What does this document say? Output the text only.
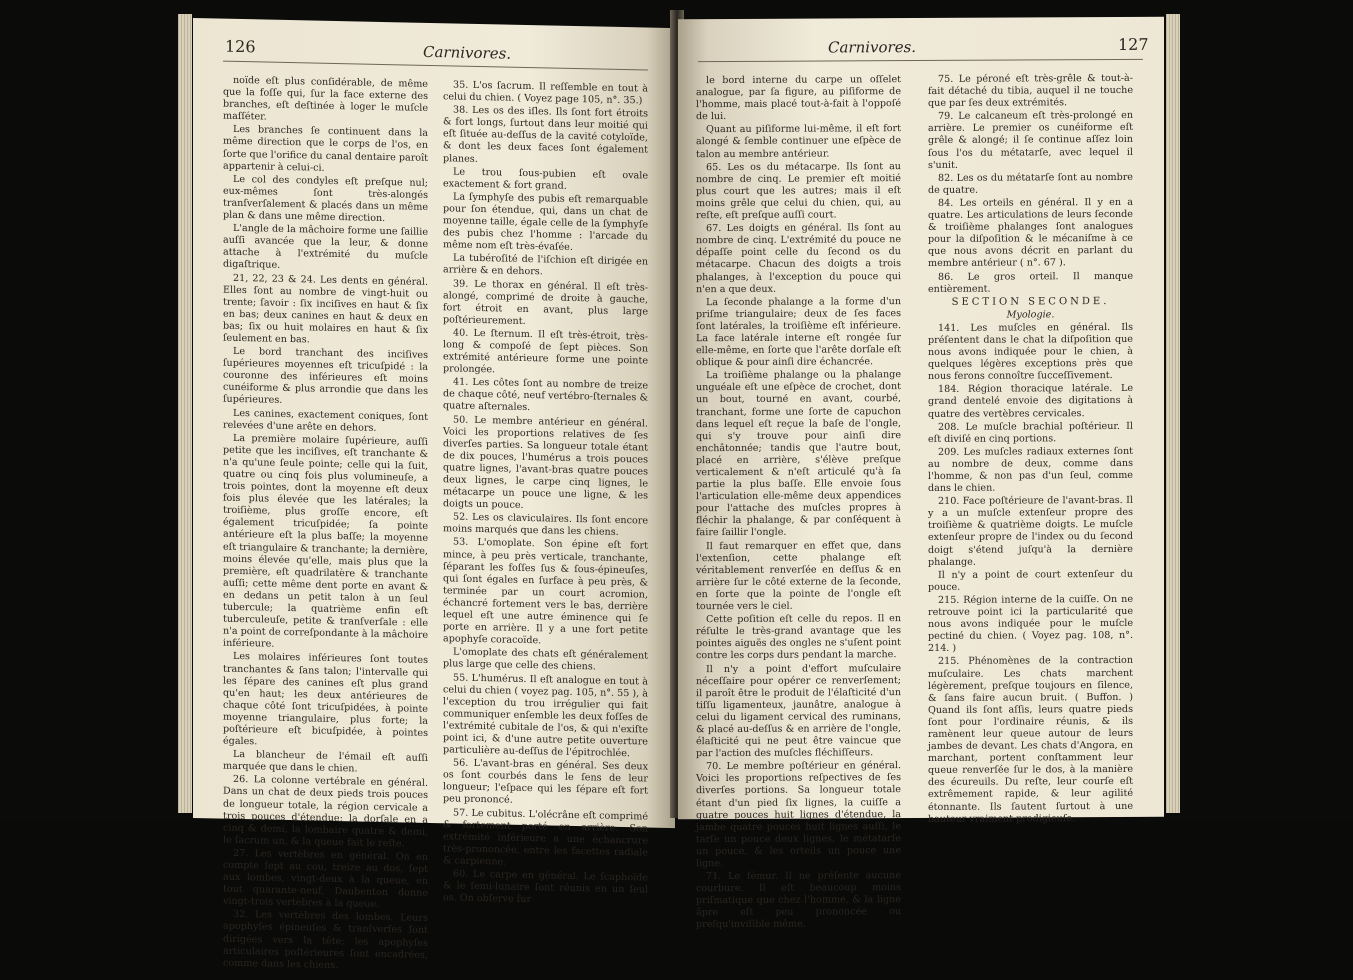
126	Carnivores.

noïde eſt plus conſidérable, de même que la foſſe qui, ſur la face externe des branches, eſt deſtinée à loger le muſcle maſſéter.

Les branches ſe continuent dans la même direction que le corps de l'os, en ſorte que l'orifice du canal dentaire paroît appartenir à celui-ci.

Le col des condyles eſt preſque nul; eux-mêmes ſont très-alongés tranſverſalement & placés dans un même plan & dans une même direction.

L'angle de la mâchoire forme une ſaillie auſſi avancée que la leur, & donne attache à l'extrémité du muſcle digaſtrique.

21, 22, 23 & 24. Les dents en général. Elles ſont au nombre de vingt-huit ou trente; ſavoir : ſix inciſives en haut & ſix en bas; deux canines en haut & deux en bas; ſix ou huit molaires en haut & ſix ſeulement en bas.

Le bord tranchant des inciſives ſupérieures moyennes eſt tricuſpidé : la couronne des inférieures eſt moins cunéiforme & plus arrondie que dans les ſupérieures.

Les canines, exactement coniques, ſont relevées d'une arête en dehors.

La première molaire ſupérieure, auſſi petite que les inciſives, eſt tranchante & n'a qu'une ſeule pointe; celle qui la ſuit, quatre ou cinq fois plus volumineuſe, a trois pointes, dont la moyenne eſt deux fois plus élevée que les latérales; la troiſième, plus groſſe encore, eſt également tricuſpidée; ſa pointe antérieure eſt la plus baſſe; la moyenne eſt triangulaire & tranchante; la dernière, moins élevée qu'elle, mais plus que la première, eſt quadrilatère & tranchante auſſi; cette même dent porte en avant & en dedans un petit talon à un ſeul tubercule; la quatrième enfin eſt tuberculeuſe, petite & tranſverſale : elle n'a point de correſpondante à la mâchoire inférieure.

Les molaires inférieures ſont toutes tranchantes & ſans talon; l'intervalle qui les ſépare des canines eſt plus grand qu'en haut; les deux antérieures de chaque côté ſont tricuſpidées, à pointe moyenne triangulaire, plus forte; la poſtérieure eſt bicuſpidée, à pointes égales.

La blancheur de l'émail eſt auſſi marquée que dans le chien.

26. La colonne vertébrale en général. Dans un chat de deux pieds trois pouces de longueur totale, la région cervicale a trois pouces d'étendue; la dorſale en a cinq & demi, la lombaire quatre & demi, le ſacrum un, & la queue fait le reſte.

27. Les vertèbres en général. On en compte ſept au cou, treize au dos, ſept aux lombes, vingt-deux à la queue, en tout quarante-neuf. Daubenton donne vingt-trois vertèbres à la queue.

32. Les vertèbres des lombes. Leurs apophyſes épineuſes & tranſverſes ſont dirigées vers la tête; les apophyſes articulaires poſtérieures ſont encadrées, comme dans les chiens.

35. L'os ſacrum. Il reſſemble en tout à celui du chien. ( Voyez page 105, n°. 35.)

38. Les os des iſles. Ils ſont fort étroits & fort longs, ſurtout dans leur moitié qui eſt ſituée au-deſſus de la cavité cotyloïde, & dont les deux faces ſont également planes.

Le trou ſous-pubien eſt ovale exactement & fort grand.

La ſymphyſe des pubis eſt remarquable pour ſon étendue, qui, dans un chat de moyenne taille, égale celle de la ſymphyſe des pubis chez l'homme : l'arcade du même nom eſt très-évaſée.

La tubéroſité de l'iſchion eſt dirigée en arrière & en dehors.

39. Le thorax en général. Il eſt très-alongé, comprimé de droite à gauche, fort étroit en avant, plus large poſtérieurement.

40. Le ſternum. Il eſt très-étroit, très-long & compoſé de ſept pièces. Son extrémité antérieure forme une pointe prolongée.

41. Les côtes ſont au nombre de treize de chaque côté, neuf vertébro-ſternales & quatre aſternales.

50. Le membre antérieur en général. Voici les proportions relatives de ſes diverſes parties. Sa longueur totale étant de dix pouces, l'humérus a trois pouces quatre lignes, l'avant-bras quatre pouces deux lignes, le carpe cinq lignes, le métacarpe un pouce une ligne, & les doigts un pouce.

52. Les os claviculaires. Ils ſont encore moins marqués que dans les chiens.

53. L'omoplate. Son épine eſt fort mince, à peu près verticale, tranchante, ſéparant les foſſes ſus & ſous-épineuſes, qui ſont égales en ſurface à peu près, & terminée par un court acromion, échancré fortement vers le bas, derrière lequel eſt une autre éminence qui ſe porte en arrière. Il y a une fort petite apophyſe coracoïde.

L'omoplate des chats eſt généralement plus large que celle des chiens.

55. L'humérus. Il eſt analogue en tout à celui du chien ( voyez pag. 105, n°. 55 ), à l'exception du trou irrégulier qui fait communiquer enſemble les deux foſſes de l'extrémité cubitale de l'os, & qui n'exiſte point ici, & d'une autre petite ouverture particulière au-deſſus de l'épitrochlée.

56. L'avant-bras en général. Ses deux os ſont courbés dans le ſens de leur longueur; l'eſpace qui les ſépare eſt fort peu prononcé.

57. Le cubitus. L'olécrâne eſt comprimé & fortement porté en arrière. Son extrémité inférieure a une échancrure très-prononcée, entre les facettes radiale & carpienne.

60. Le carpe en général. Le ſcaphoïde & le ſemi-lunaire ſont réunis en un ſeul os. On obſerve ſur

Carnivores.	127

le bord interne du carpe un oſſelet analogue, par ſa figure, au piſiforme de l'homme, mais placé tout-à-fait à l'oppoſé de lui.

Quant au piſiforme lui-même, il eſt fort alongé & ſemble continuer une eſpèce de talon au membre antérieur.

65. Les os du métacarpe. Ils ſont au nombre de cinq. Le premier eſt moitié plus court que les autres; mais il eſt moins grêle que celui du chien, qui, au reſte, eſt preſque auſſi court.

67. Les doigts en général. Ils ſont au nombre de cinq. L'extrémité du pouce ne dépaſſe point celle du ſecond os du métacarpe. Chacun des doigts a trois phalanges, à l'exception du pouce qui n'en a que deux.

La ſeconde phalange a la forme d'un priſme triangulaire; deux de ſes faces ſont latérales, la troiſième eſt inférieure. La face latérale interne eſt rongée ſur elle-même, en ſorte que l'arête dorſale eſt oblique & pour ainſi dire échancrée.

La troiſième phalange ou la phalange unguéale eſt une eſpèce de crochet, dont un bout, tourné en avant, courbé, tranchant, forme une ſorte de capuchon dans lequel eſt reçue la baſe de l'ongle, qui s'y trouve pour ainſi dire enchâtonnée; tandis que l'autre bout, placé en arrière, s'élève preſque verticalement & n'eſt articulé qu'à ſa partie la plus baſſe. Elle envoie ſous l'articulation elle-même deux appendices pour l'attache des muſcles propres à fléchir la phalange, & par conſéquent à faire ſaillir l'ongle.

Il faut remarquer en effet que, dans l'extenſion, cette phalange eſt véritablement renverſée en deſſus & en arrière ſur le côté externe de la ſeconde, en ſorte que la pointe de l'ongle eſt tournée vers le ciel.

Cette poſition eſt celle du repos. Il en réſulte le très-grand avantage que les pointes aiguës des ongles ne s'uſent point contre les corps durs pendant la marche.

Il n'y a point d'effort muſculaire néceſſaire pour opérer ce renverſement; il paroît être le produit de l'élaſticité d'un tiſſu ligamenteux, jaunâtre, analogue à celui du ligament cervical des ruminans, & placé au-deſſus & en arrière de l'ongle, élaſticité qui ne peut être vaincue que par l'action des muſcles fléchiſſeurs.

70. Le membre poſtérieur en général. Voici les proportions reſpectives de ſes diverſes portions. Sa longueur totale étant d'un pied ſix lignes, la cuiſſe a quatre pouces huit lignes d'étendue, la jambe quatre pouces huit lignes auſſi, le tarſe un pouce deux lignes, le métatarſe un pouce, & les orteils un pouce une ligne.

71. Le fémur. Il ne préſente aucune courbure. Il eſt beaucoup moins priſmatique que chez l'homme, & la ligne âpre eſt peu prononcée ou preſqu'inviſible même.

75. Le péroné eſt très-grêle & tout-à-fait détaché du tibia, auquel il ne touche que par ſes deux extrémités.

79. Le calcaneum eſt très-prolongé en arrière. Le premier os cunéiforme eſt grêle & alongé; il ſe continue aſſez loin ſous l'os du métatarſe, avec lequel il s'unit.

82. Les os du métatarſe ſont au nombre de quatre.

84. Les orteils en général. Il y en a quatre. Les articulations de leurs ſeconde & troiſième phalanges ſont analogues pour la diſpoſition & le mécaniſme à ce que nous avons décrit en parlant du membre antérieur ( n°. 67 ).

86. Le gros orteil. Il manque entièrement.

SECTION SECONDE.

Myologie.

141. Les muſcles en général. Ils préſentent dans le chat la diſpoſition que nous avons indiquée pour le chien, à quelques légères exceptions près que nous ferons connoître ſucceſſivement.

184. Région thoracique latérale. Le grand dentelé envoie des digitations à quatre des vertèbres cervicales.

208. Le muſcle brachial poſtérieur. Il eſt diviſé en cinq portions.

209. Les muſcles radiaux externes ſont au nombre de deux, comme dans l'homme, & non pas d'un ſeul, comme dans le chien.

210. Face poſtérieure de l'avant-bras. Il y a un muſcle extenſeur propre des troiſième & quatrième doigts. Le muſcle extenſeur propre de l'index ou du ſecond doigt s'étend juſqu'à la dernière phalange.

Il n'y a point de court extenſeur du pouce.

215. Région interne de la cuiſſe. On ne retrouve point ici la particularité que nous avons indiquée pour le muſcle pectiné du chien. ( Voyez pag. 108, n°. 214. )

215. Phénomènes de la contraction muſculaire. Les chats marchent légèrement, preſque toujours en ſilence, & ſans faire aucun bruit. ( Buffon. ) Quand ils ſont aſſis, leurs quatre pieds ſont pour l'ordinaire réunis, & ils ramènent leur queue autour de leurs jambes de devant. Les chats d'Angora, en marchant, portent conſtamment leur queue renverſée ſur le dos, à la manière des écureuils. Du reſte, leur courſe eſt extrêmement rapide, & leur agilité étonnante. Ils ſautent ſurtout à une hauteur vraiment prodigieuſe.
